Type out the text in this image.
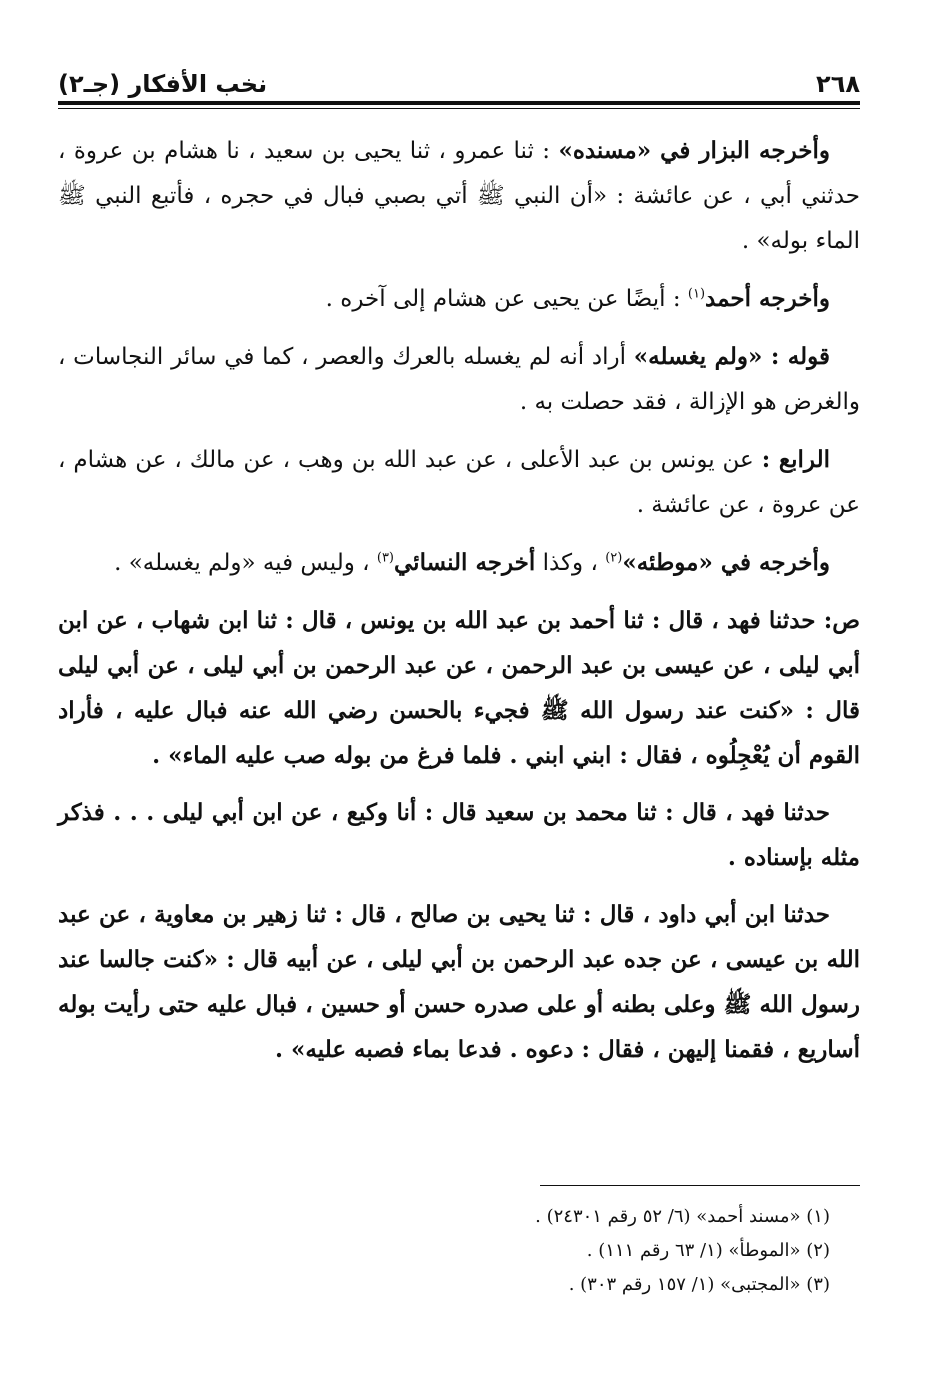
٢٦٨
نخب الأفكار (جـ٢)

وأخرجه البزار في «مسنده» : ثنا عمرو ، ثنا يحيى بن سعيد ، نا هشام بن عروة ، حدثني أبي ، عن عائشة : «أن النبي ﷺ أتي بصبي فبال في حجره ، فأتبع النبي ﷺ الماء بوله» .

وأخرجه أحمد$^{(١)}$ : أيضًا عن يحيى عن هشام إلى آخره .

قوله : «ولم يغسله» أراد أنه لم يغسله بالعرك والعصر ، كما في سائر النجاسات ، والغرض هو الإزالة ، فقد حصلت به .

الرابع : عن يونس بن عبد الأعلى ، عن عبد الله بن وهب ، عن مالك ، عن هشام ، عن عروة ، عن عائشة .

وأخرجه في «موطئه»$^{(٢)}$ ، وكذا أخرجه النسائي$^{(٣)}$ ، وليس فيه «ولم يغسله» .

ص: حدثنا فهد ، قال : ثنا أحمد بن عبد الله بن يونس ، قال : ثنا ابن شهاب ، عن ابن أبي ليلى ، عن عيسى بن عبد الرحمن ، عن عبد الرحمن بن أبي ليلى ، عن أبي ليلى قال : «كنت عند رسول الله ﷺ فجيء بالحسن رضي الله عنه فبال عليه ، فأراد القوم أن يُعْجِلُوه ، فقال : ابني ابني . فلما فرغ من بوله صب عليه الماء» .

حدثنا فهد ، قال : ثنا محمد بن سعيد قال : أنا وكيع ، عن ابن أبي ليلى . . . فذكر مثله بإسناده .

حدثنا ابن أبي داود ، قال : ثنا يحيى بن صالح ، قال : ثنا زهير بن معاوية ، عن عبد الله بن عيسى ، عن جده عبد الرحمن بن أبي ليلى ، عن أبيه قال : «كنت جالسا عند رسول الله ﷺ وعلى بطنه أو على صدره حسن أو حسين ، فبال عليه حتى رأيت بوله أساريع ، فقمنا إليهن ، فقال : دعوه . فدعا بماء فصبه عليه» .

(١) «مسند أحمد» (٦/ ٥٢ رقم ٢٤٣٠١) .
(٢) «الموطأ» (١/ ٦٣ رقم ١١١) .
(٣) «المجتبى» (١/ ١٥٧ رقم ٣٠٣) .
